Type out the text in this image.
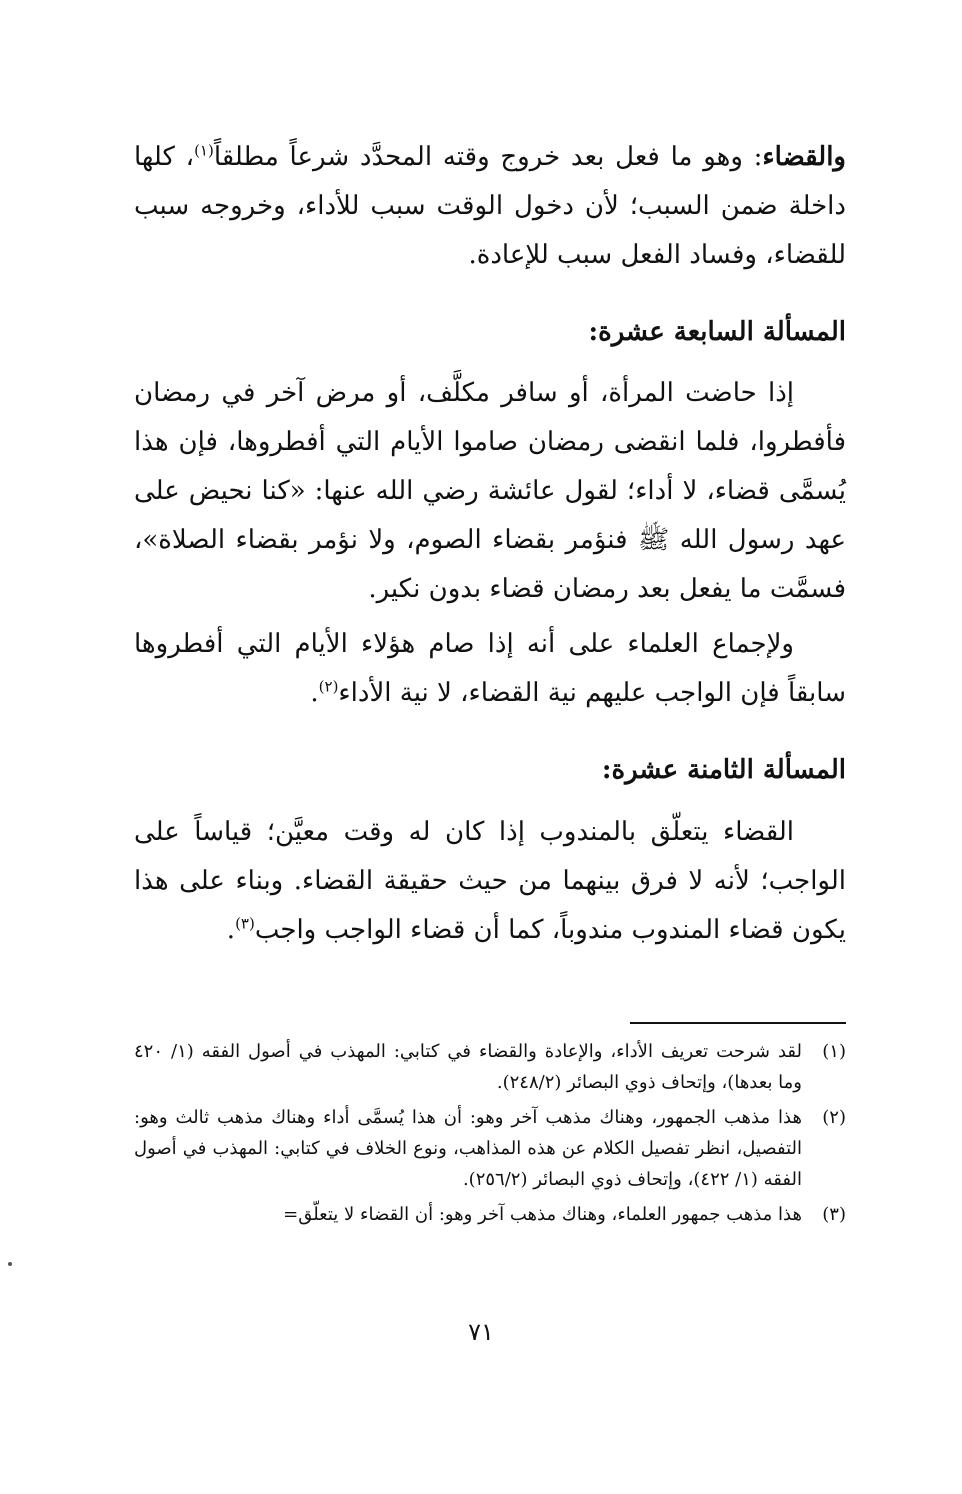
والقضاء: وهو ما فعل بعد خروج وقته المحدَّد شرعاً مطلقاً$^{(١)}$، كلها داخلة ضمن السبب؛ لأن دخول الوقت سبب للأداء، وخروجه سبب للقضاء، وفساد الفعل سبب للإعادة.

المسألة السابعة عشرة:

إذا حاضت المرأة، أو سافر مكلَّف، أو مرض آخر في رمضان فأفطروا، فلما انقضى رمضان صاموا الأيام التي أفطروها، فإن هذا يُسمَّى قضاء، لا أداء؛ لقول عائشة رضي الله عنها: «كنا نحيض على عهد رسول الله ﷺ فنؤمر بقضاء الصوم، ولا نؤمر بقضاء الصلاة»، فسمَّت ما يفعل بعد رمضان قضاء بدون نكير.

ولإجماع العلماء على أنه إذا صام هؤلاء الأيام التي أفطروها سابقاً فإن الواجب عليهم نية القضاء، لا نية الأداء$^{(٢)}$.

المسألة الثامنة عشرة:

القضاء يتعلّق بالمندوب إذا كان له وقت معيَّن؛ قياساً على الواجب؛ لأنه لا فرق بينهما من حيث حقيقة القضاء. وبناء على هذا يكون قضاء المندوب مندوباً، كما أن قضاء الواجب واجب$^{(٣)}$.

(١)
لقد شرحت تعريف الأداء، والإعادة والقضاء في كتابي: المهذب في أصول الفقه (١/ ٤٢٠ وما بعدها)، وإتحاف ذوي البصائر (٢٤٨/٢).
(٢)
هذا مذهب الجمهور، وهناك مذهب آخر وهو: أن هذا يُسمَّى أداء وهناك مذهب ثالث وهو: التفصيل، انظر تفصيل الكلام عن هذه المذاهب، ونوع الخلاف في كتابي: المهذب في أصول الفقه (١/ ٤٢٢)، وإتحاف ذوي البصائر (٢٥٦/٢).
(٣)
هذا مذهب جمهور العلماء، وهناك مذهب آخر وهو: أن القضاء لا يتعلّق=
٧١
